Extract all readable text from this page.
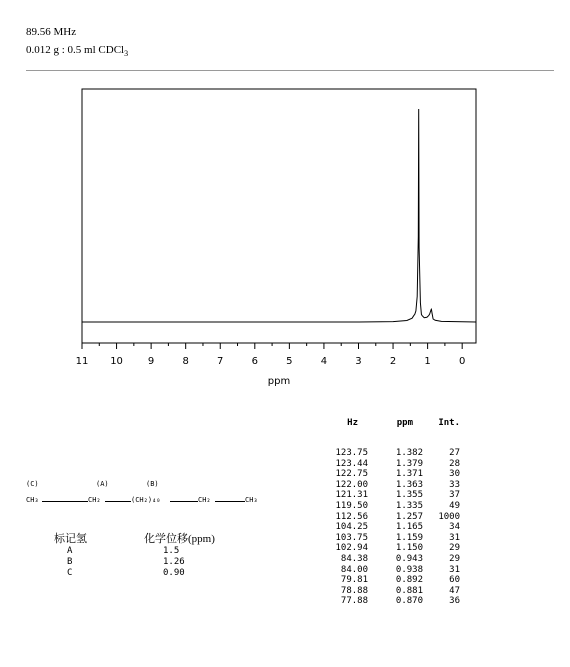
89.56 MHz
0.012 g : 0.5 ml CDCl$_3$
11 10	9	8	7	6	5	4	3	2	1	0
ppm
Hz	ppm	Int.
123.75	1.382	27
123.44	1.379	28
122.75	1.371	30
122.00	1.363	33
121.31	1.355	37
119.50	1.335	49
112.56	1.257	1000
104.25	1.165	34
103.75	1.159	31
102.94	1.150	29
84.38	0.943	29
84.00	0.938	31
79.81	0.892	60
78.88	0.881	47
77.88	0.870	36
(C)	(A)	(B)
CH₃	CH₂	(CH₂)₄₀	CH₂	CH₃
标记氢	化学位移(ppm)
A	1.5
B	1.26
C	0.90
